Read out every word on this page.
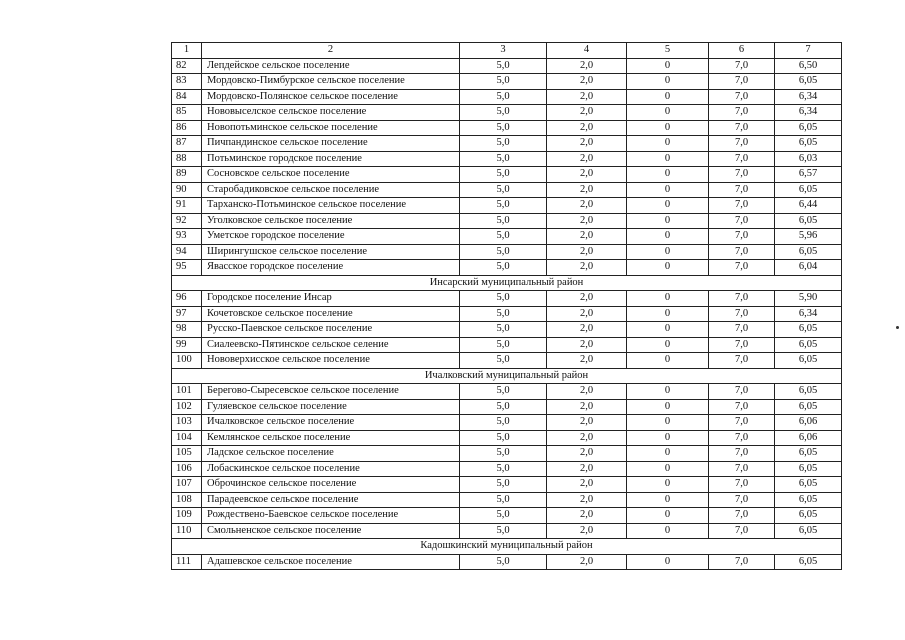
1	2	3	4	5	6	7
82	Лепдейское сельское поселение	5,0	2,0	0	7,0	6,50
83	Мордовско-Пимбурское сельское поселение	5,0	2,0	0	7,0	6,05
84	Мордовско-Полянское сельское поселение	5,0	2,0	0	7,0	6,34
85	Нововыселское сельское поселение	5,0	2,0	0	7,0	6,34
86	Новопотьминское сельское поселение	5,0	2,0	0	7,0	6,05
87	Пичпандинское сельское поселение	5,0	2,0	0	7,0	6,05
88	Потьминское городское поселение	5,0	2,0	0	7,0	6,03
89	Сосновское сельское поселение	5,0	2,0	0	7,0	6,57
90	Старобадиковское сельское поселение	5,0	2,0	0	7,0	6,05
91	Тарханско-Потьминское сельское поселение	5,0	2,0	0	7,0	6,44
92	Уголковское сельское поселение	5,0	2,0	0	7,0	6,05
93	Уметское городское поселение	5,0	2,0	0	7,0	5,96
94	Ширингушское сельское поселение	5,0	2,0	0	7,0	6,05
95	Явасское городское поселение	5,0	2,0	0	7,0	6,04
Инсарский муниципальный район						
96	Городское поселение Инсар	5,0	2,0	0	7,0	5,90
97	Кочетовское сельское поселение	5,0	2,0	0	7,0	6,34
98	Русско-Паевское сельское поселение	5,0	2,0	0	7,0	6,05
99	Сиалеевско-Пятинское сельское селение	5,0	2,0	0	7,0	6,05
100	Нововерхисское сельское поселение	5,0	2,0	0	7,0	6,05
Ичалковский муниципальный район						
101	Берегово-Сыресевское сельское поселение	5,0	2,0	0	7,0	6,05
102	Гуляевское сельское поселение	5,0	2,0	0	7,0	6,05
103	Ичалковское сельское поселение	5,0	2,0	0	7,0	6,06
104	Кемлянское сельское поселение	5,0	2,0	0	7,0	6,06
105	Ладское сельское поселение	5,0	2,0	0	7,0	6,05
106	Лобаскинское сельское поселение	5,0	2,0	0	7,0	6,05
107	Оброчинское сельское поселение	5,0	2,0	0	7,0	6,05
108	Парадеевское сельское поселение	5,0	2,0	0	7,0	6,05
109	Рождествено-Баевское сельское поселение	5,0	2,0	0	7,0	6,05
110	Смольненское сельское поселение	5,0	2,0	0	7,0	6,05
Кадошкинский муниципальный район						
111	Адашевское сельское поселение	5,0	2,0	0	7,0	6,05
